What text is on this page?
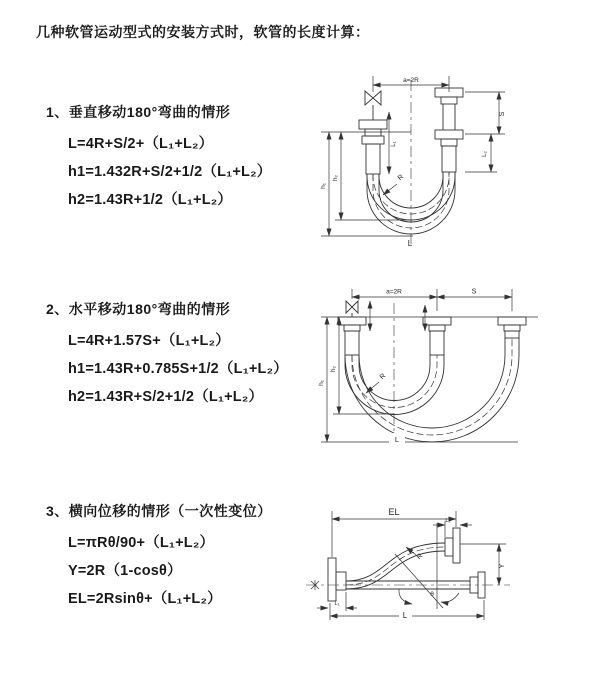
几种软管运动型式的安装方式时，软管的长度计算：
1、垂直移动180°弯曲的情形
L=4R+S/2+（L₁+L₂）
h1=1.432R+S/2+1/2（L₁+L₂）
h2=1.43R+1/2（L₁+L₂）
a=2R
h₁
h₂
L₁
S
L₂
R
L
2、水平移动180°弯曲的情形
L=4R+1.57S+（L₁+L₂）
h1=1.43R+0.785S+1/2（L₁+L₂）
h2=1.43R+S/2+1/2（L₁+L₂）
a=2R	S
h₁
h₂
R
L
3、横向位移的情形（一次性变位）
L=πRθ/90+（L₁+L₂）
Y=2R（1-cosθ）
EL=2Rsinθ+（L₁+L₂）
EL
L₂
Y
R
θ
L
L₁
